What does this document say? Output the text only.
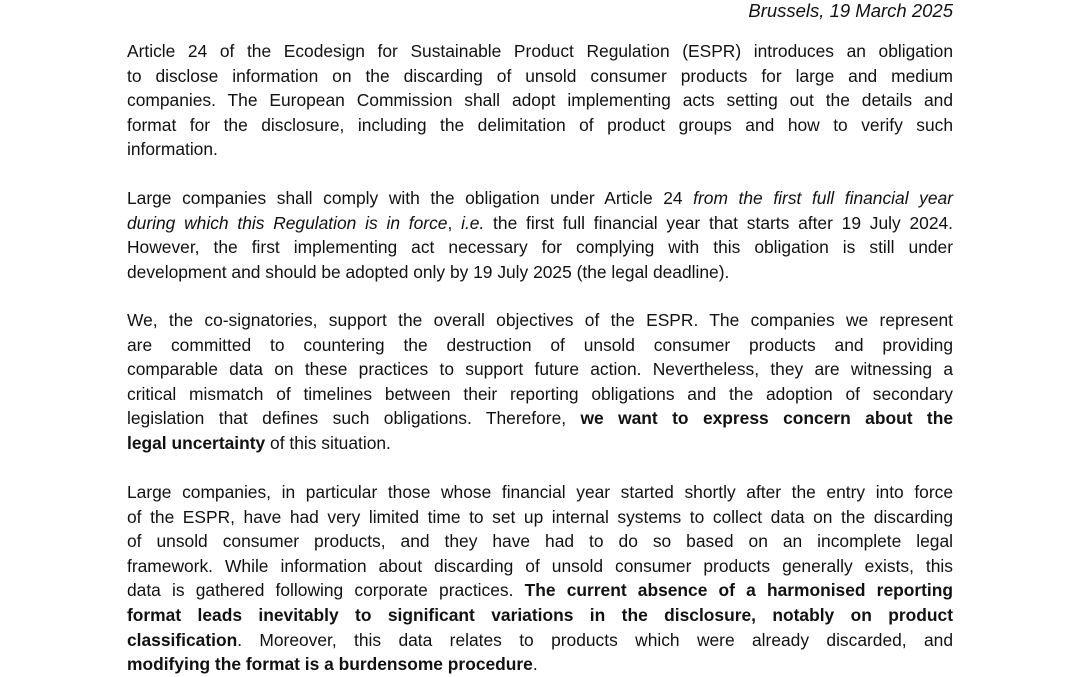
Brussels, 19 March 2025
Article 24 of the Ecodesign for Sustainable Product Regulation (ESPR) introduces an obligation
to disclose information on the discarding of unsold consumer products for large and medium
companies. The European Commission shall adopt implementing acts setting out the details and
format for the disclosure, including the delimitation of product groups and how to verify such
information.
Large companies shall comply with the obligation under Article 24 from the first full financial year
during which this Regulation is in force, i.e. the first full financial year that starts after 19 July 2024.
However, the first implementing act necessary for complying with this obligation is still under
development and should be adopted only by 19 July 2025 (the legal deadline).
We, the co-signatories, support the overall objectives of the ESPR. The companies we represent
are committed to countering the destruction of unsold consumer products and providing
comparable data on these practices to support future action. Nevertheless, they are witnessing a
critical mismatch of timelines between their reporting obligations and the adoption of secondary
legislation that defines such obligations. Therefore, we want to express concern about the
legal uncertainty of this situation.
Large companies, in particular those whose financial year started shortly after the entry into force
of the ESPR, have had very limited time to set up internal systems to collect data on the discarding
of unsold consumer products, and they have had to do so based on an incomplete legal
framework. While information about discarding of unsold consumer products generally exists, this
data is gathered following corporate practices. The current absence of a harmonised reporting
format leads inevitably to significant variations in the disclosure, notably on product
classification. Moreover, this data relates to products which were already discarded, and
modifying the format is a burdensome procedure.
